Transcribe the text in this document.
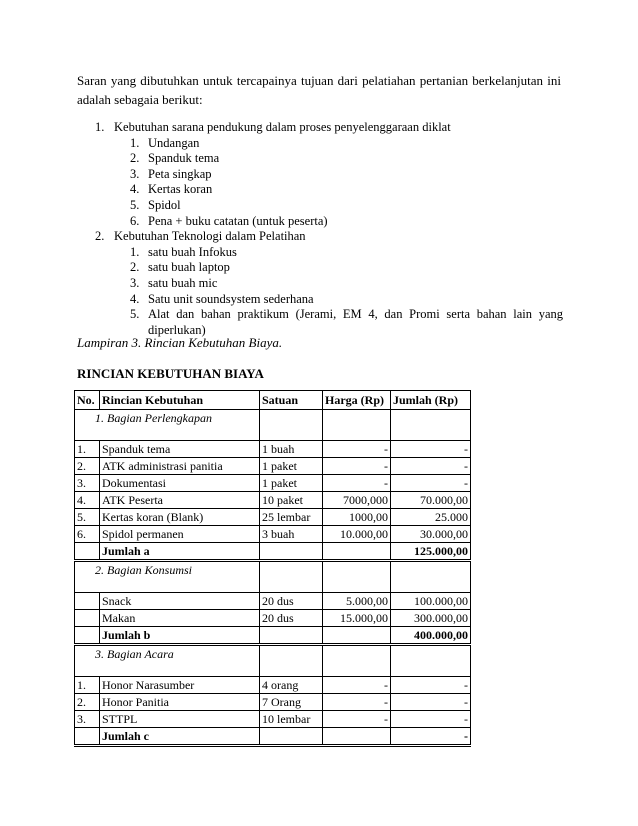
Saran yang dibutuhkan untuk tercapainya tujuan dari pelatiahan pertanian berkelanjutan ini adalah sebagaia berikut:
1. Kebutuhan sarana pendukung dalam proses penyelenggaraan diklat
1. Undangan
2. Spanduk tema
3. Peta singkap
4. Kertas koran
5. Spidol
6. Pena + buku catatan (untuk peserta)
2. Kebutuhan Teknologi dalam Pelatihan
1. satu buah Infokus
2. satu buah laptop
3. satu buah mic
4. Satu unit soundsystem sederhana
5. Alat dan bahan praktikum (Jerami, EM 4, dan Promi serta bahan lain yang diperlukan)
Lampiran 3. Rincian Kebutuhan Biaya.
RINCIAN KEBUTUHAN BIAYA
No.	Rincian Kebutuhan	Satuan	Harga (Rp)	Jumlah (Rp)
1. Bagian Perlengkapan				
1.	Spanduk tema	1 buah	-	-
2.	ATK administrasi panitia	1 paket	-	-
3.	Dokumentasi	1 paket	-	-
4.	ATK Peserta	10 paket	7000,000	70.000,00
5.	Kertas koran (Blank)	25 lembar	1000,00	25.000
6.	Spidol permanen	3 buah	10.000,00	30.000,00
	Jumlah a			125.000,00
2. Bagian Konsumsi				
	Snack	20 dus	5.000,00	100.000,00
	Makan	20 dus	15.000,00	300.000,00
	Jumlah b			400.000,00
3. Bagian Acara				
1.	Honor Narasumber	4 orang	-	-
2.	Honor Panitia	7 Orang	-	-
3.	STTPL	10 lembar	-	-
	Jumlah c			-
